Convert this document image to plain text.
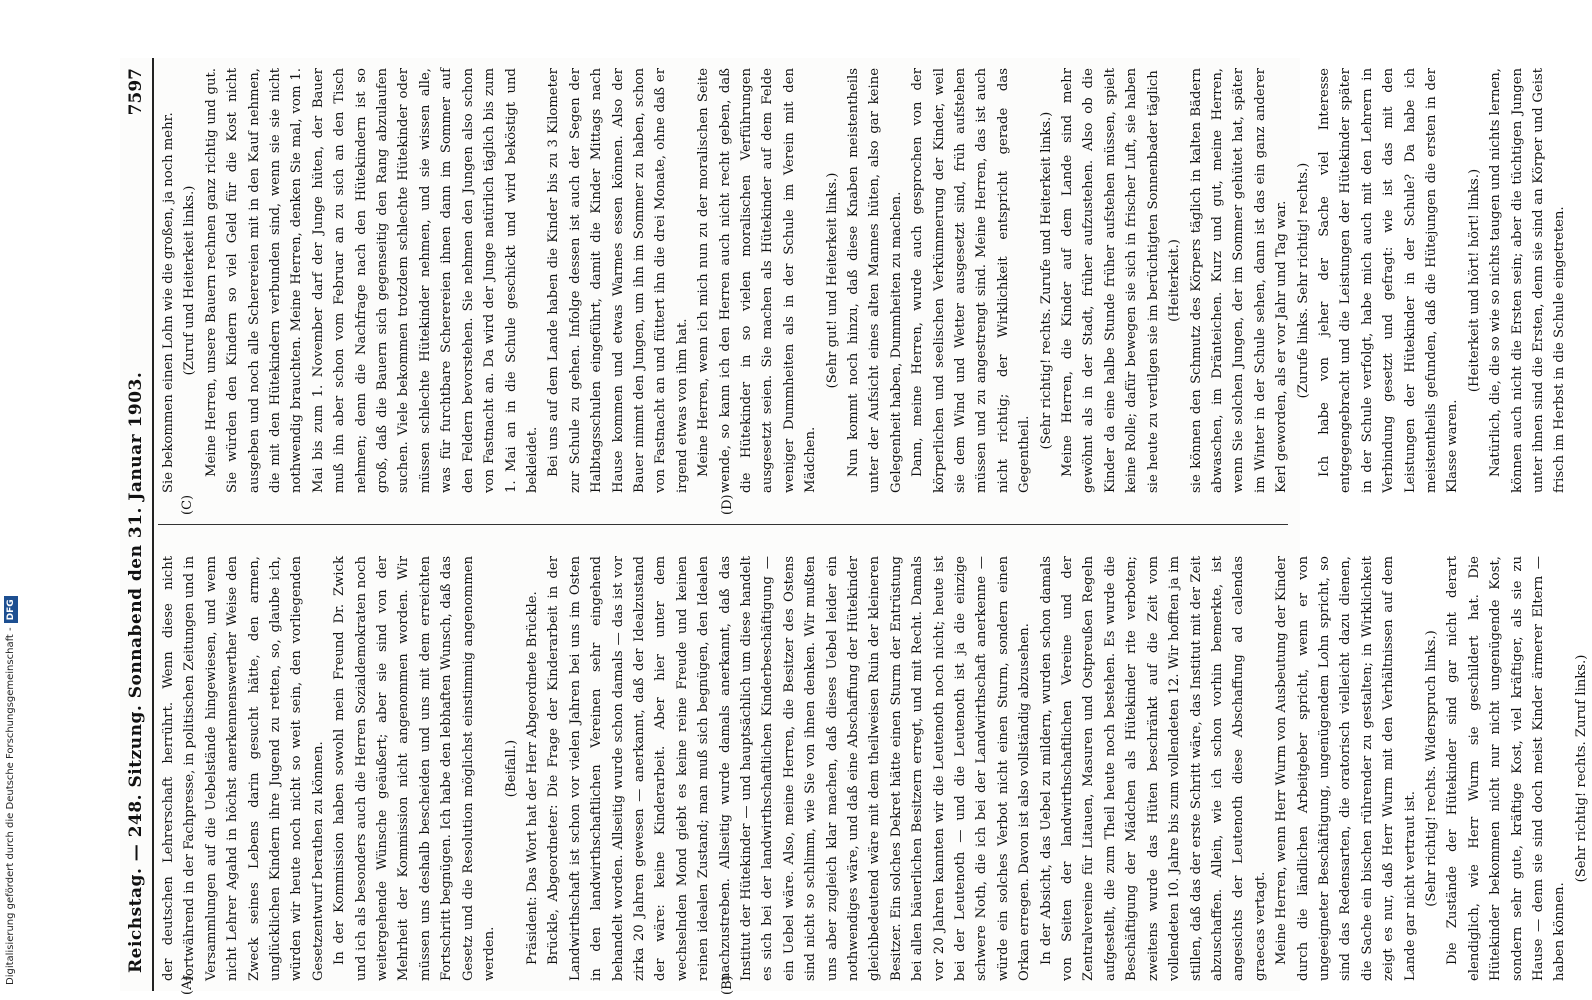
Reichstag. — 248. Sitzung. Sonnabend den 31. Januar 1903.
7597
(A)	(B)
(C)	(D)

der deutschen Lehrerschaft herrührt. Wenn diese nicht fortwährend in der Fachpresse, in politischen Zeitungen und in Versammlungen auf die Uebelstände hingewiesen, und wenn nicht Lehrer Agahd in höchst anerkennenswerther Weise den Zweck seines Lebens darin gesucht hätte, den armen, unglücklichen Kindern ihre Jugend zu retten, so, glaube ich, würden wir heute noch nicht so weit sein, den vorliegenden Gesetzentwurf berathen zu können. In der Kommission haben sowohl mein Freund Dr. Zwick und ich als besonders auch die Herren Sozialdemokraten noch weitergehende Wünsche geäußert; aber sie sind von der Mehrheit der Kommission nicht angenommen worden. Wir müssen uns deshalb bescheiden und uns mit dem erreichten Fortschritt begnügen. Ich habe den lebhaften Wunsch, daß das Gesetz und die Resolution möglichst einstimmig angenommen werden.

(Beifall.) Präsident: Das Wort hat der Herr Abgeordnete Brückle. Brückle, Abgeordneter: Die Frage der Kinderarbeit in der Landwirthschaft ist schon vor vielen Jahren bei uns im Osten in den landwirthschaftlichen Vereinen sehr eingehend behandelt worden. Allseitig wurde schon damals — das ist vor zirka 20 Jahren gewesen — anerkannt, daß der Idealzustand der wäre: keine Kinderarbeit. Aber hier unter dem wechselnden Mond giebt es keine reine Freude und keinen reinen idealen Zustand; man muß sich begnügen, den Idealen nachzustreben. Allseitig wurde damals anerkannt, daß das Institut der Hütekinder — und hauptsächlich um diese handelt es sich bei der landwirthschaftlichen Kinderbeschäftigung — ein Uebel wäre. Also, meine Herren, die Besitzer des Ostens sind nicht so schlimm, wie Sie von ihnen denken. Wir mußten uns aber zugleich klar machen, daß dieses Uebel leider ein nothwendiges wäre, und daß eine Abschaffung der Hütekinder gleichbedeutend wäre mit dem theilweisen Ruin der kleineren Besitzer. Ein solches Dekret hätte einen Sturm der Entrüstung bei allen bäuerlichen Besitzern erregt, und mit Recht. Damals vor 20 Jahren kannten wir die Leutenoth noch nicht; heute ist bei der Leutenoth — und die Leutenoth ist ja die einzige schwere Noth, die ich bei der Landwirthschaft anerkenne — würde ein solches Verbot nicht einen Sturm, sondern einen Orkan erregen. Davon ist also vollständig abzusehen. In der Absicht, das Uebel zu mildern, wurden schon damals von Seiten der landwirthschaftlichen Vereine und der Zentralvereine für Litauen, Masuren und Ostpreußen Regeln aufgestellt, die zum Theil heute noch bestehen. Es wurde die Beschäftigung der Mädchen als Hütekinder rite verboten; zweitens wurde das Hüten beschränkt auf die Zeit vom vollendeten 10. Jahre bis zum vollendeten 12. Wir hofften ja im stillen, daß das der erste Schritt wäre, das Institut mit der Zeit abzuschaffen. Allein, wie ich schon vorhin bemerkte, ist angesichts der Leutenoth diese Abschaffung ad calendas graecas vertagt. Meine Herren, wenn Herr Wurm von Ausbeutung der Kinder durch die ländlichen Arbeitgeber spricht, wenn er von ungeeigneter Beschäftigung, ungenügendem Lohn spricht, so sind das Redensarten, die oratorisch vielleicht dazu dienen, die Sache ein bischen rührender zu gestalten; in Wirklichkeit zeigt es nur, daß Herr Wurm mit den Verhältnissen auf dem Lande gar nicht vertraut ist. (Sehr richtig! rechts. Widerspruch links.) Die Zustände der Hütekinder sind gar nicht derart elendiglich, wie Herr Wurm sie geschildert hat. Die Hütekinder bekommen nicht nur nicht ungenügende Kost, sondern sehr gute, kräftige Kost, viel kräftiger, als sie zu Hause — denn sie sind doch meist Kinder ärmerer Eltern — haben können.

(Sehr richtig! rechts. Zuruf links.)

Sie bekommen einen Lohn wie die großen, ja noch mehr. (Zuruf und Heiterkeit links.) Meine Herren, unsere Bauern rechnen ganz richtig und gut. Sie würden den Kindern so viel Geld für die Kost nicht ausgeben und noch alle Scherereien mit in den Kauf nehmen, die mit den Hütekindern verbunden sind, wenn sie sie nicht nothwendig brauchten. Meine Herren, denken Sie mal, vom 1. Mai bis zum 1. November darf der Junge hüten, der Bauer muß ihn aber schon vom Februar an zu sich an den Tisch nehmen; denn die Nachfrage nach den Hütekindern ist so groß, daß die Bauern sich gegenseitig den Rang abzulaufen suchen. Viele bekommen trotzdem schlechte Hütekinder oder müssen schlechte Hütekinder nehmen, und sie wissen alle, was für furchtbare Scherereien ihnen dann im Sommer auf den Feldern bevorstehen. Sie nehmen den Jungen also schon von Fastnacht an. Da wird der Junge natürlich täglich bis zum 1. Mai an in die Schule geschickt und wird beköstigt und bekleidet. Bei uns auf dem Lande haben die Kinder bis zu 3 Kilometer zur Schule zu gehen. Infolge dessen ist auch der Segen der Halbtagsschulen eingeführt, damit die Kinder Mittags nach Hause kommen und etwas Warmes essen können. Also der Bauer nimmt den Jungen, um ihn im Sommer zu haben, schon von Fastnacht an und füttert ihn die drei Monate, ohne daß er irgend etwas von ihm hat. Meine Herren, wenn ich mich nun zu der moralischen Seite wende, so kann ich den Herren auch nicht recht geben, daß die Hütekinder in so vielen moralischen Verführungen ausgesetzt seien. Sie machen als Hütekinder auf dem Felde weniger Dummheiten als in der Schule im Verein mit den Mädchen.

(Sehr gut! und Heiterkeit links.) Nun kommt noch hinzu, daß diese Knaben meistentheils unter der Aufsicht eines alten Mannes hüten, also gar keine Gelegenheit haben, Dummheiten zu machen. Dann, meine Herren, wurde auch gesprochen von der körperlichen und seelischen Verkümmerung der Kinder, weil sie dem Wind und Wetter ausgesetzt sind, früh aufstehen müssen und zu angestrengt sind. Meine Herren, das ist auch nicht richtig; der Wirklichkeit entspricht gerade das Gegentheil.

(Sehr richtig! rechts. Zurufe und Heiterkeit links.) Meine Herren, die Kinder auf dem Lande sind mehr gewöhnt als in der Stadt, früher aufzustehen. Also ob die Kinder da eine halbe Stunde früher aufstehen müssen, spielt keine Rolle; dafür bewegen sie sich in frischer Luft, sie haben sie heute zu vertilgen sie im berüchtigten Sonnenbader täglich (Heiterkeit.) sie können den Schmutz des Körpers täglich in kalten Bädern abwaschen, im Dränteichen. Kurz und gut, meine Herren, wenn Sie solchen Jungen, der im Sommer gehütet hat, später im Winter in der Schule sehen, dann ist das ein ganz anderer Kerl geworden, als er vor Jahr und Tag war. (Zurufe links. Sehr richtig! rechts.) Ich habe von jeher der Sache viel Interesse entgegengebracht und die Leistungen der Hütekinder später in der Schule verfolgt, habe mich auch mit den Lehrern in Verbindung gesetzt und gefragt: wie ist das mit den Leistungen der Hütekinder in der Schule? Da habe ich meistentheils gefunden, daß die Hütejungen die ersten in der Klasse waren.

(Heiterkeit und hört! hört! links.) Natürlich, die, die so wie so nichts taugen und nichts lernen, können auch nicht die Ersten sein; aber die tüchtigen Jungen unter ihnen sind die Ersten, denn sie sind an Körper und Geist frisch im Herbst in die Schule eingetreten.

Digitalisierung gefördert durch die Deutsche Forschungsgemeinschaft -DFG
